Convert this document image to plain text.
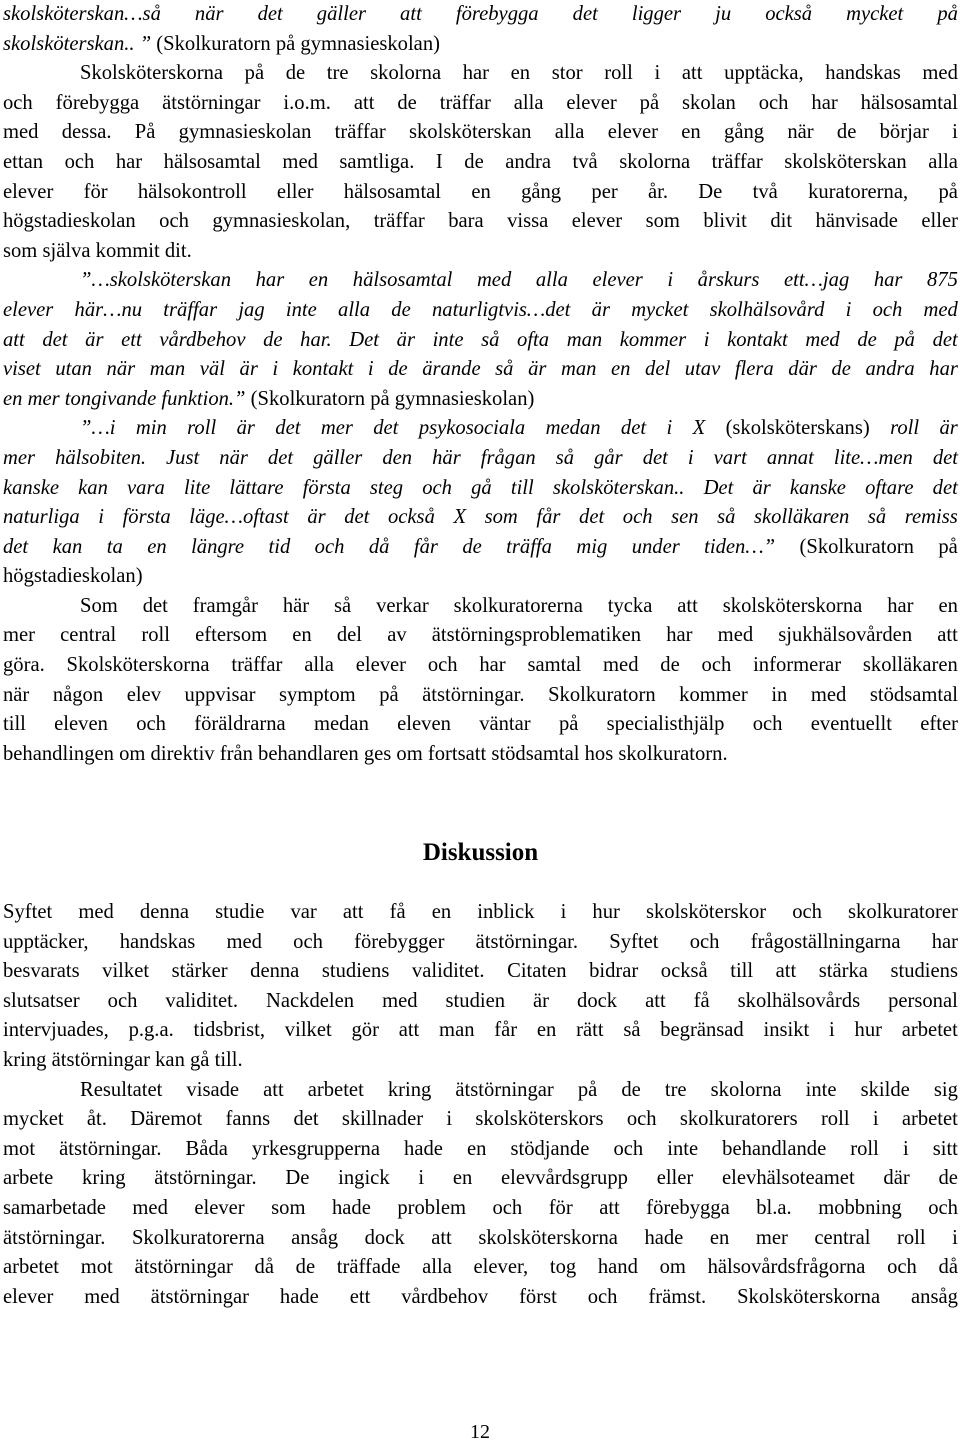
skolsköterskan…så när det gäller att förebygga det ligger ju också mycket på
skolsköterskan.. ” (Skolkuratorn på gymnasieskolan)
Skolsköterskorna på de tre skolorna har en stor roll i att upptäcka, handskas med
och förebygga ätstörningar i.o.m. att de träffar alla elever på skolan och har hälsosamtal
med dessa. På gymnasieskolan träffar skolsköterskan alla elever en gång när de börjar i
ettan och har hälsosamtal med samtliga. I de andra två skolorna träffar skolsköterskan alla
elever för hälsokontroll eller hälsosamtal en gång per år. De två kuratorerna, på
högstadieskolan och gymnasieskolan, träffar bara vissa elever som blivit dit hänvisade eller
som själva kommit dit.
”…skolsköterskan har en hälsosamtal med alla elever i årskurs ett…jag har 875
elever här…nu träffar jag inte alla de naturligtvis…det är mycket skolhälsovård i och med
att det är ett vårdbehov de har. Det är inte så ofta man kommer i kontakt med de på det
viset utan när man väl är i kontakt i de ärande så är man en del utav flera där de andra har
en mer tongivande funktion.” (Skolkuratorn på gymnasieskolan)
”…i min roll är det mer det psykosociala medan det i X (skolsköterskans) roll är
mer hälsobiten. Just när det gäller den här frågan så går det i vart annat lite…men det
kanske kan vara lite lättare första steg och gå till skolsköterskan.. Det är kanske oftare det
naturliga i första läge…oftast är det också X som får det och sen så skolläkaren så remiss
det kan ta en längre tid och då får de träffa mig under tiden…” (Skolkuratorn på
högstadieskolan)
Som det framgår här så verkar skolkuratorerna tycka att skolsköterskorna har en
mer central roll eftersom en del av ätstörningsproblematiken har med sjukhälsovården att
göra. Skolsköterskorna träffar alla elever och har samtal med de och informerar skolläkaren
när någon elev uppvisar symptom på ätstörningar. Skolkuratorn kommer in med stödsamtal
till eleven och föräldrarna medan eleven väntar på specialisthjälp och eventuellt efter
behandlingen om direktiv från behandlaren ges om fortsatt stödsamtal hos skolkuratorn.
Diskussion
Syftet med denna studie var att få en inblick i hur skolsköterskor och skolkuratorer
upptäcker, handskas med och förebygger ätstörningar. Syftet och frågoställningarna har
besvarats vilket stärker denna studiens validitet. Citaten bidrar också till att stärka studiens
slutsatser och validitet. Nackdelen med studien är dock att få skolhälsovårds personal
intervjuades, p.g.a. tidsbrist, vilket gör att man får en rätt så begränsad insikt i hur arbetet
kring ätstörningar kan gå till.
Resultatet visade att arbetet kring ätstörningar på de tre skolorna inte skilde sig
mycket åt. Däremot fanns det skillnader i skolsköterskors och skolkuratorers roll i arbetet
mot ätstörningar. Båda yrkesgrupperna hade en stödjande och inte behandlande roll i sitt
arbete kring ätstörningar. De ingick i en elevvårdsgrupp eller elevhälsoteamet där de
samarbetade med elever som hade problem och för att förebygga bl.a. mobbning och
ätstörningar. Skolkuratorerna ansåg dock att skolsköterskorna hade en mer central roll i
arbetet mot ätstörningar då de träffade alla elever, tog hand om hälsovårdsfrågorna och då
elever med ätstörningar hade ett vårdbehov först och främst. Skolsköterskorna ansåg
12
